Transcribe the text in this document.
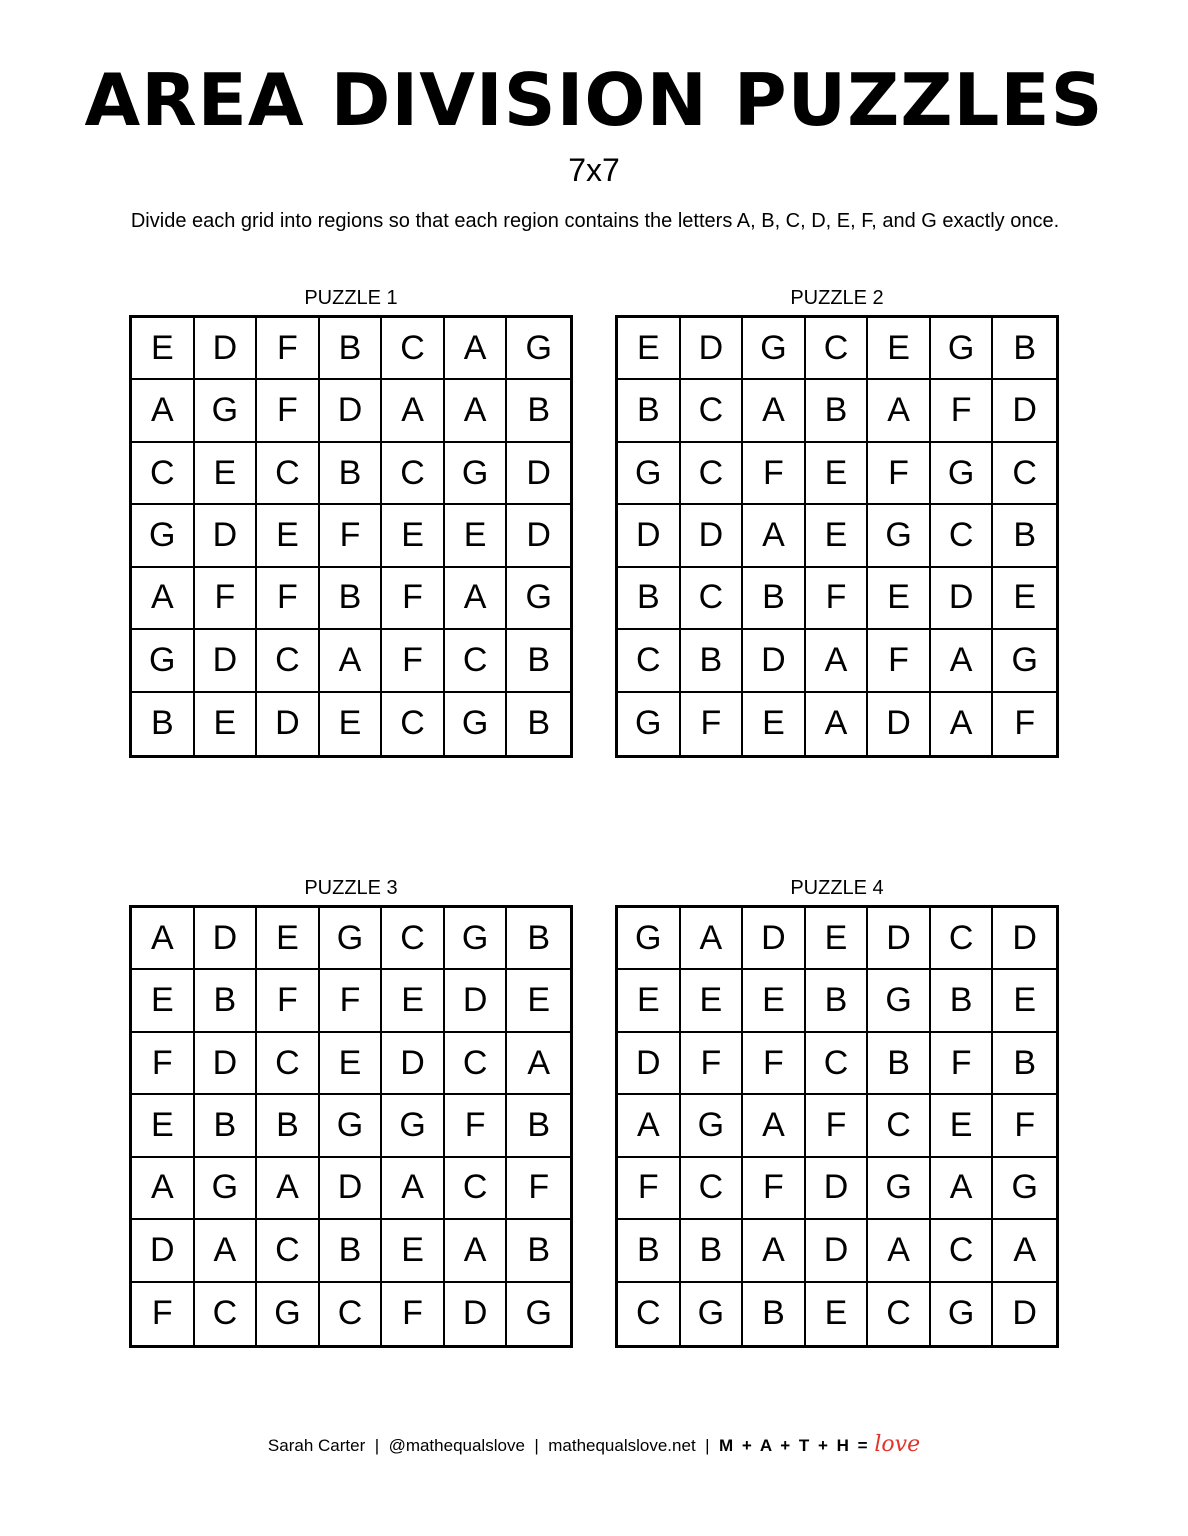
AREA DIVISION PUZZLES
7x7
Divide each grid into regions so that each region contains the letters A, B, C, D, E, F, and G exactly once.
PUZZLE 1
E	D	F	B	C	A	G
A	G	F	D	A	A	B
C	E	C	B	C	G	D
G	D	E	F	E	E	D
A	F	F	B	F	A	G
G	D	C	A	F	C	B
B	E	D	E	C	G	B
PUZZLE 2
E	D	G	C	E	G	B
B	C	A	B	A	F	D
G	C	F	E	F	G	C
D	D	A	E	G	C	B
B	C	B	F	E	D	E
C	B	D	A	F	A	G
G	F	E	A	D	A	F
PUZZLE 3
A	D	E	G	C	G	B
E	B	F	F	E	D	E
F	D	C	E	D	C	A
E	B	B	G	G	F	B
A	G	A	D	A	C	F
D	A	C	B	E	A	B
F	C	G	C	F	D	G
PUZZLE 4
G	A	D	E	D	C	D
E	E	E	B	G	B	E
D	F	F	C	B	F	B
A	G	A	F	C	E	F
F	C	F	D	G	A	G
B	B	A	D	A	C	A
C	G	B	E	C	G	D
Sarah Carter | @mathequalslove | mathequalslove.net | M + A + T + H = love
